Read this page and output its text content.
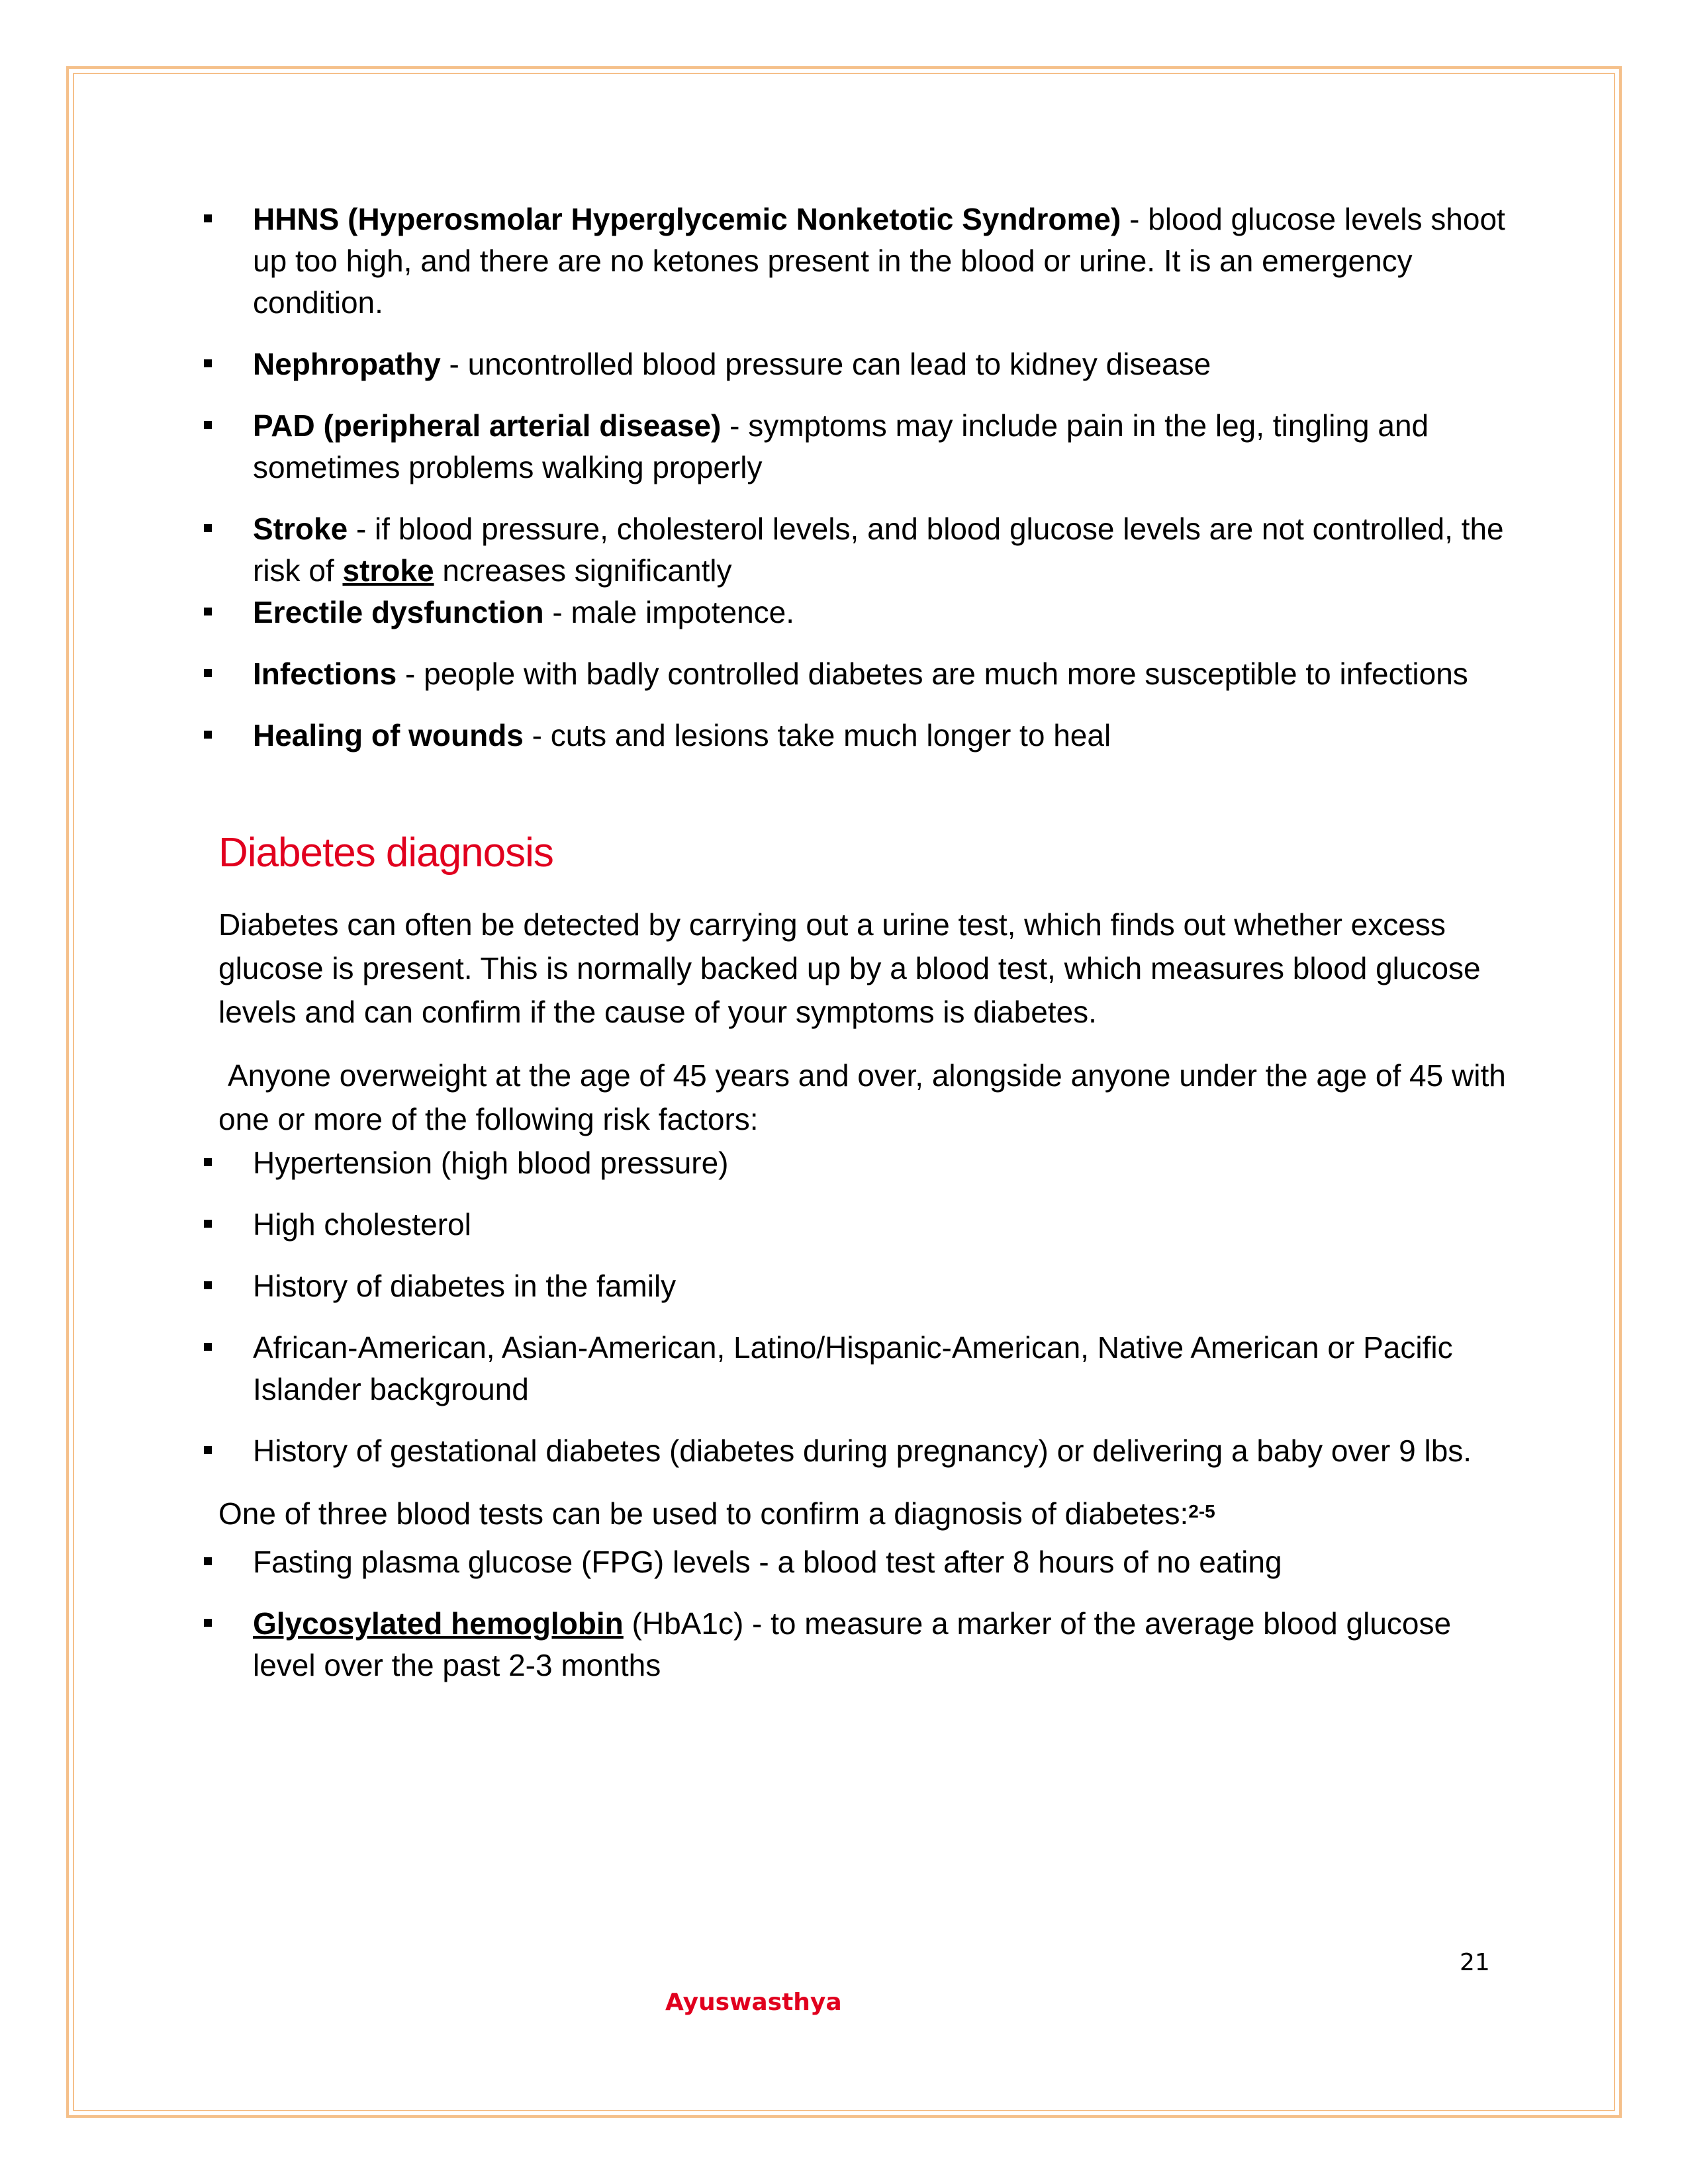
HHNS (Hyperosmolar Hyperglycemic Nonketotic Syndrome) - blood glucose levels shoot up too high, and there are no ketones present in the blood or urine. It is an emergency condition.
Nephropathy - uncontrolled blood pressure can lead to kidney disease
PAD (peripheral arterial disease) - symptoms may include pain in the leg, tingling and sometimes problems walking properly
Stroke - if blood pressure, cholesterol levels, and blood glucose levels are not controlled, the risk of stroke ncreases significantly
Erectile dysfunction - male impotence.
Infections - people with badly controlled diabetes are much more susceptible to infections
Healing of wounds - cuts and lesions take much longer to heal
Diabetes diagnosis

Diabetes can often be detected by carrying out a urine test, which finds out whether excess glucose is present. This is normally backed up by a blood test, which measures blood glucose levels and can confirm if the cause of your symptoms is diabetes.

Anyone overweight at the age of 45 years and over, alongside anyone under the age of 45 with one or more of the following risk factors:

Hypertension (high blood pressure)
High cholesterol
History of diabetes in the family
African-American, Asian-American, Latino/Hispanic-American, Native American or Pacific Islander background
History of gestational diabetes (diabetes during pregnancy) or delivering a baby over 9 lbs.

One of three blood tests can be used to confirm a diagnosis of diabetes:$^{2-5}$

Fasting plasma glucose (FPG) levels - a blood test after 8 hours of no eating
Glycosylated hemoglobin (HbA1c) - to measure a marker of the average blood glucose level over the past 2-3 months
21
Ayuswasthya
